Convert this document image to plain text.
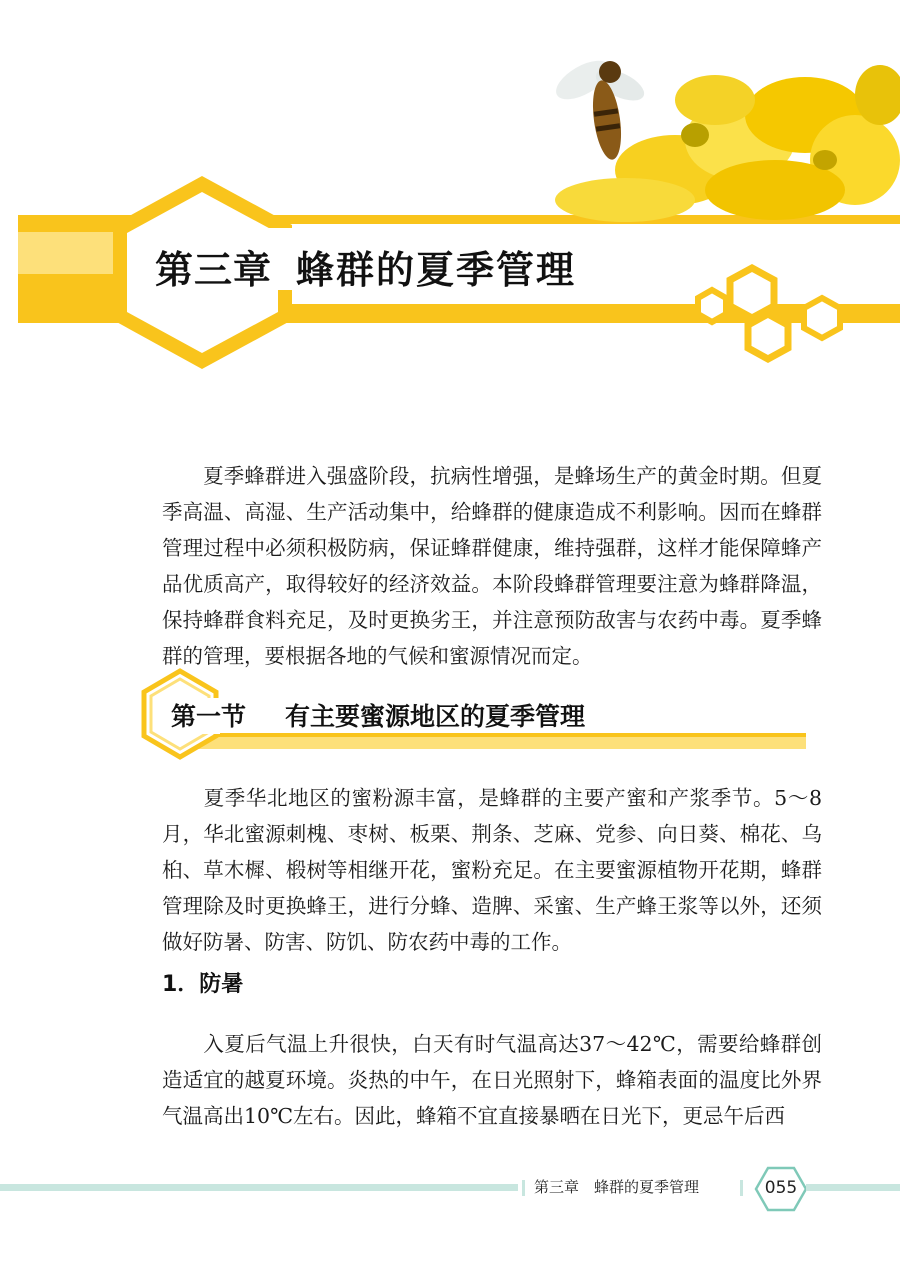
第三章 蜂群的夏季管理

夏季蜂群进入强盛阶段，抗病性增强，是蜂场生产的黄金时期。但夏季高温、高湿、生产活动集中，给蜂群的健康造成不利影响。因而在蜂群管理过程中必须积极防病，保证蜂群健康，维持强群，这样才能保障蜂产品优质高产，取得较好的经济效益。本阶段蜂群管理要注意为蜂群降温，保持蜂群食料充足，及时更换劣王，并注意预防敌害与农药中毒。夏季蜂群的管理，要根据各地的气候和蜜源情况而定。

第一节 有主要蜜源地区的夏季管理

夏季华北地区的蜜粉源丰富，是蜂群的主要产蜜和产浆季节。5～8月，华北蜜源刺槐、枣树、板栗、荆条、芝麻、党参、向日葵、棉花、乌桕、草木樨、椴树等相继开花，蜜粉充足。在主要蜜源植物开花期，蜂群管理除及时更换蜂王，进行分蜂、造脾、采蜜、生产蜂王浆等以外，还须做好防暑、防害、防饥、防农药中毒的工作。

1．防暑

入夏后气温上升很快，白天有时气温高达37～42℃，需要给蜂群创造适宜的越夏环境。炎热的中午，在日光照射下，蜂箱表面的温度比外界气温高出10℃左右。因此，蜂箱不宜直接暴晒在日光下，更忌午后西

第三章　蜂群的夏季管理	055
